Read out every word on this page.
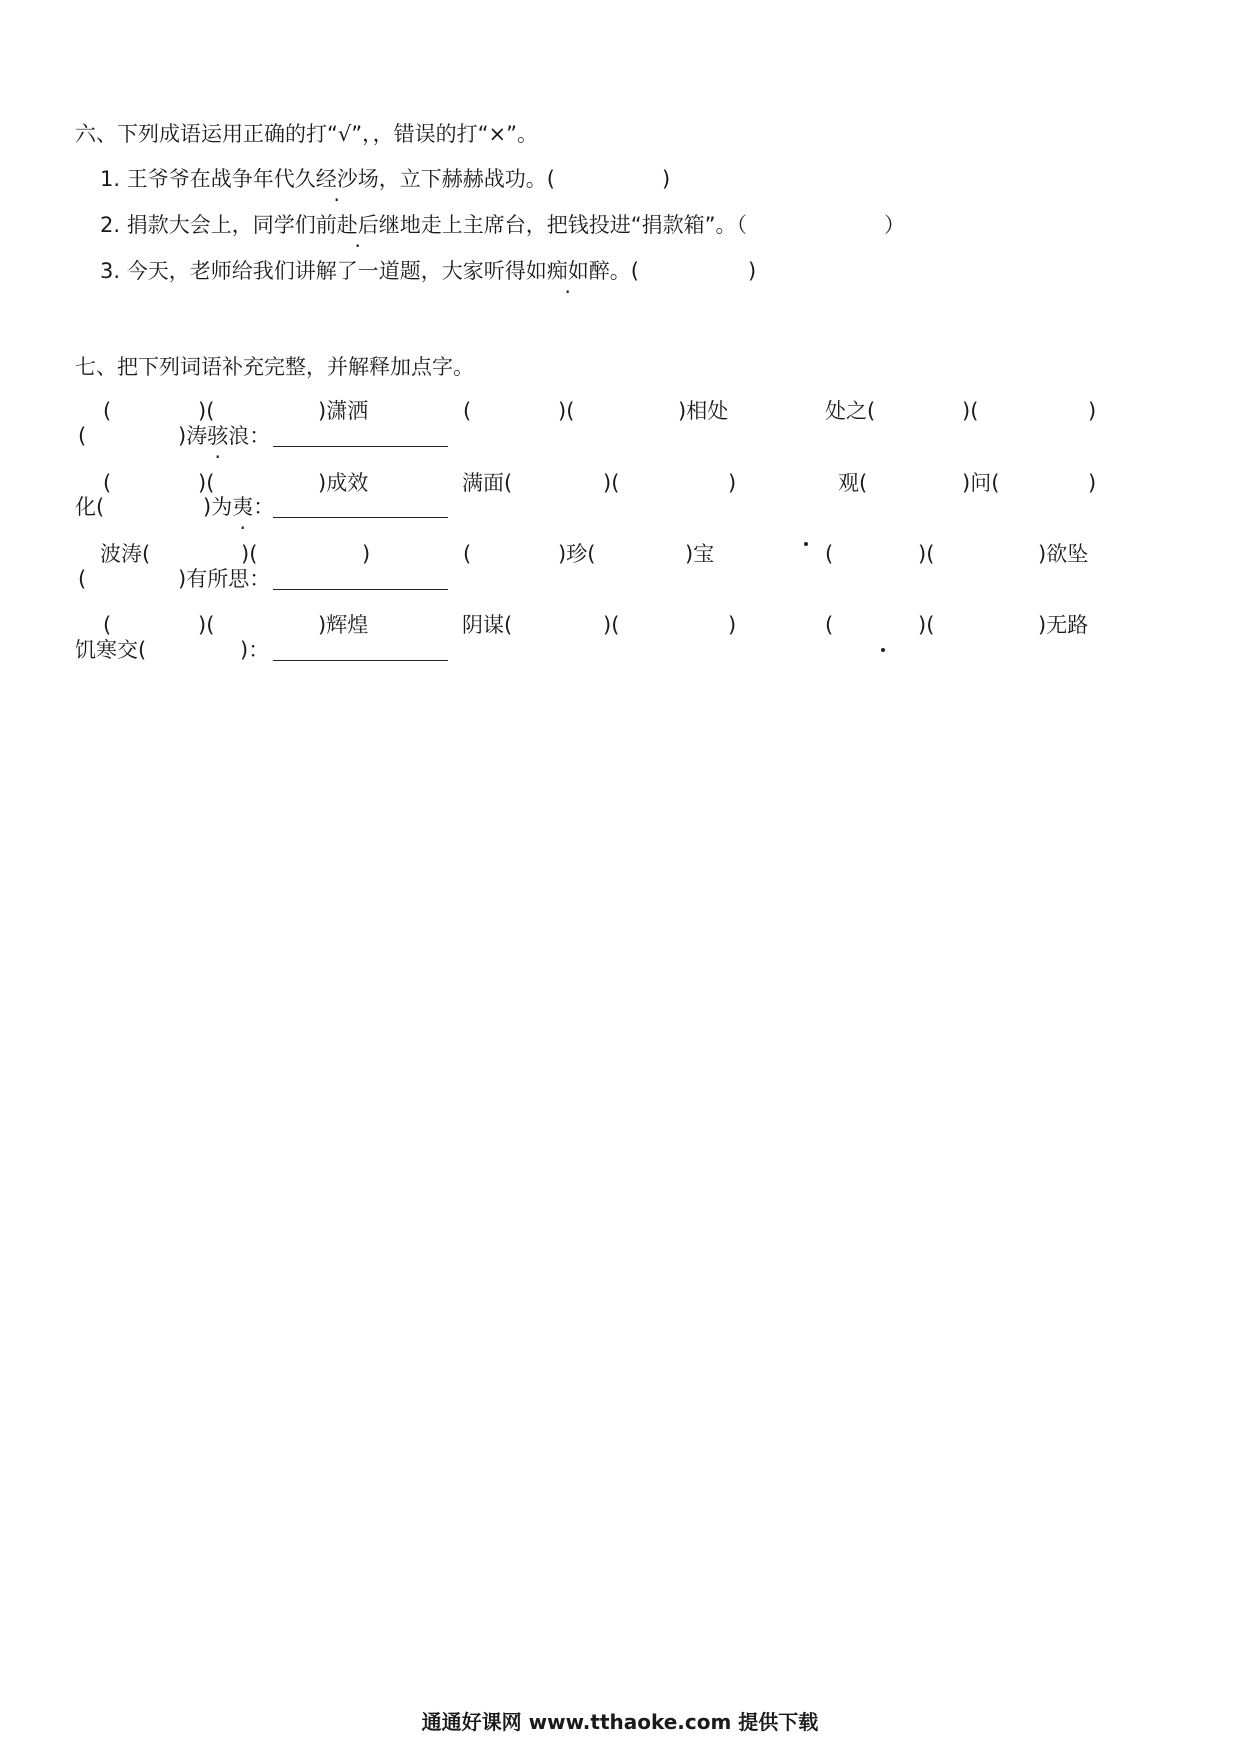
六、下列成语运用正确的打“√”，，错误的打“×”。
1. 王爷爷在战争年代久经沙场，立下赫赫战功。(	)
2. 捐款大会上，同学们前赴后继地走上主席台，把钱投进“捐款箱”。（	）
3. 今天，老师给我们讲解了一道题，大家听得如痴如醉。(	)
七、把下列词语补充完整，并解释加点字。
(	)(	)潇洒	(	)(	)相处	处之(	)(	)
(	)涛骇浪：
(	)(	)成效	满面(	)(	)	观(	)问(	)
化(	)为夷：
波涛(	)(	)	(	)珍(	)宝	(	)(	)欲坠
(	)有所思：
(	)(	)辉煌	阴谋(	)(	)	(	)(	)无路
饥寒交(	)：
通通好课网 www.tthaoke.com 提供下载
